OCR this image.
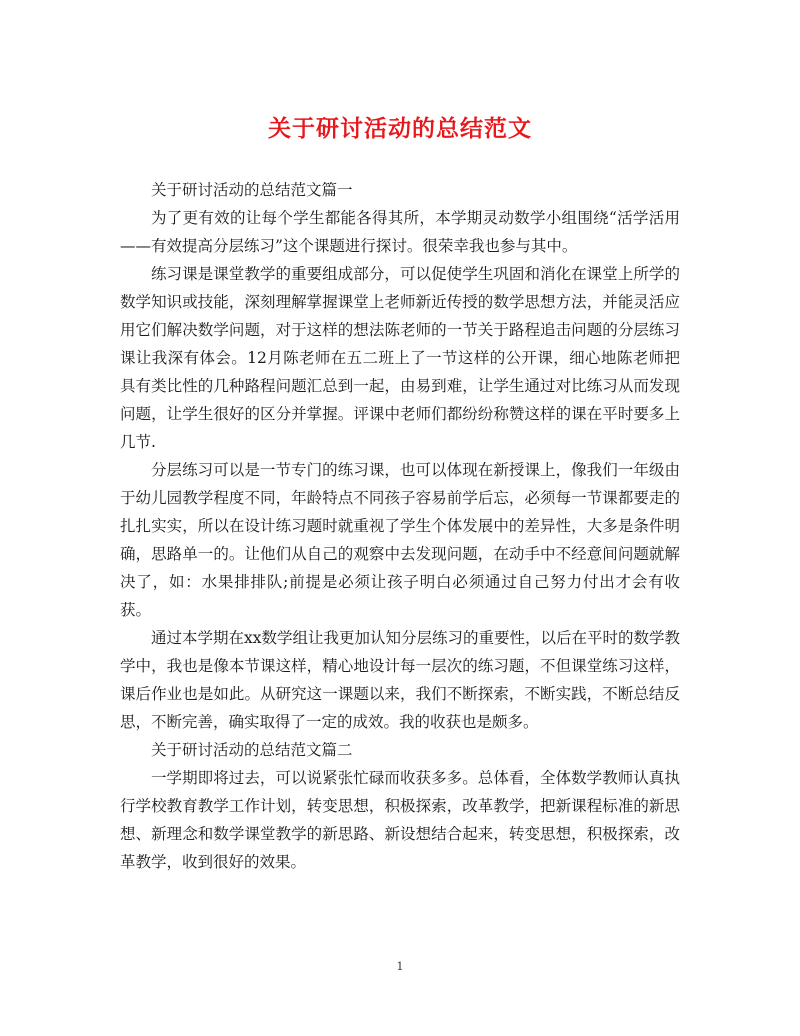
关于研讨活动的总结范文

关于研讨活动的总结范文篇一

为了更有效的让每个学生都能各得其所，本学期灵动数学小组围绕“活学活用——有效提高分层练习”这个课题进行探讨。很荣幸我也参与其中。

练习课是课堂教学的重要组成部分，可以促使学生巩固和消化在课堂上所学的数学知识或技能，深刻理解掌握课堂上老师新近传授的数学思想方法，并能灵活应用它们解决数学问题，对于这样的想法陈老师的一节关于路程追击问题的分层练习课让我深有体会。12月陈老师在五二班上了一节这样的公开课，细心地陈老师把具有类比性的几种路程问题汇总到一起，由易到难，让学生通过对比练习从而发现问题，让学生很好的区分并掌握。评课中老师们都纷纷称赞这样的课在平时要多上几节.

分层练习可以是一节专门的练习课，也可以体现在新授课上，像我们一年级由于幼儿园教学程度不同，年龄特点不同孩子容易前学后忘，必须每一节课都要走的扎扎实实，所以在设计练习题时就重视了学生个体发展中的差异性，大多是条件明确，思路单一的。让他们从自己的观察中去发现问题，在动手中不经意间问题就解决了，如：水果排排队;前提是必须让孩子明白必须通过自己努力付出才会有收获。

通过本学期在xx数学组让我更加认知分层练习的重要性，以后在平时的数学教学中，我也是像本节课这样，精心地设计每一层次的练习题，不但课堂练习这样，课后作业也是如此。从研究这一课题以来，我们不断探索，不断实践，不断总结反思，不断完善，确实取得了一定的成效。我的收获也是颇多。

关于研讨活动的总结范文篇二

一学期即将过去，可以说紧张忙碌而收获多多。总体看，全体数学教师认真执行学校教育教学工作计划，转变思想，积极探索，改革教学，把新课程标准的新思想、新理念和数学课堂教学的新思路、新设想结合起来，转变思想，积极探索，改革教学，收到很好的效果。

1
